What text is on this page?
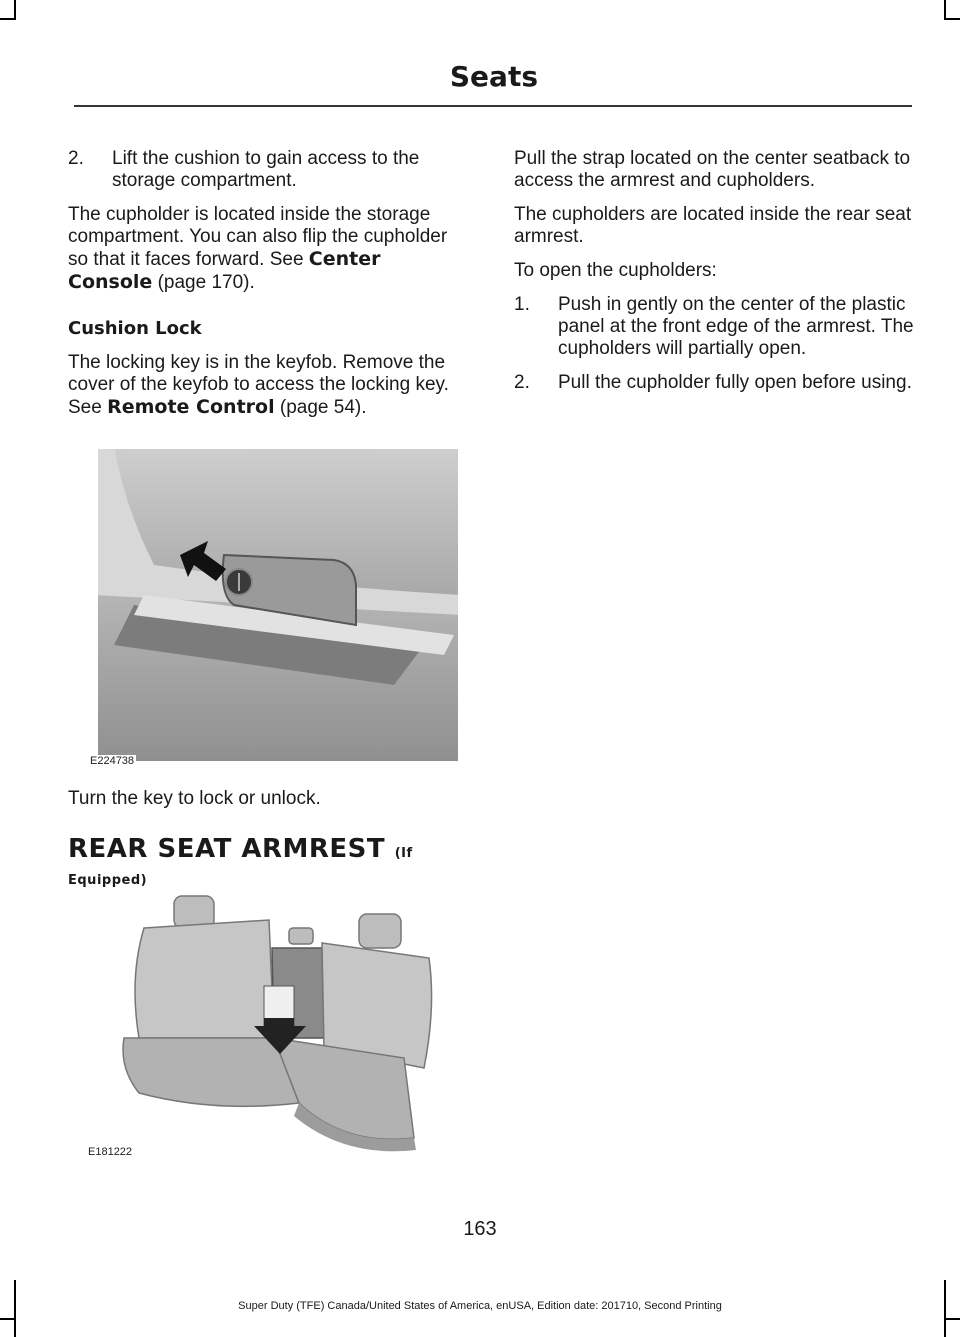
Seats
2. Lift the cushion to gain access to the storage compartment.

The cupholder is located inside the storage compartment. You can also flip the cupholder so that it faces forward. See Center Console (page 170).

Cushion Lock

The locking key is in the keyfob. Remove the cover of the keyfob to access the locking key. See Remote Control (page 54).

E224738

Turn the key to lock or unlock.

REAR SEAT ARMREST (If Equipped)
E181222

Pull the strap located on the center seatback to access the armrest and cupholders.

The cupholders are located inside the rear seat armrest.

To open the cupholders:

1. Push in gently on the center of the plastic panel at the front edge of the armrest. The cupholders will partially open.
2. Pull the cupholder fully open before using.
163
Super Duty (TFE) Canada/United States of America, enUSA, Edition date: 201710, Second Printing
